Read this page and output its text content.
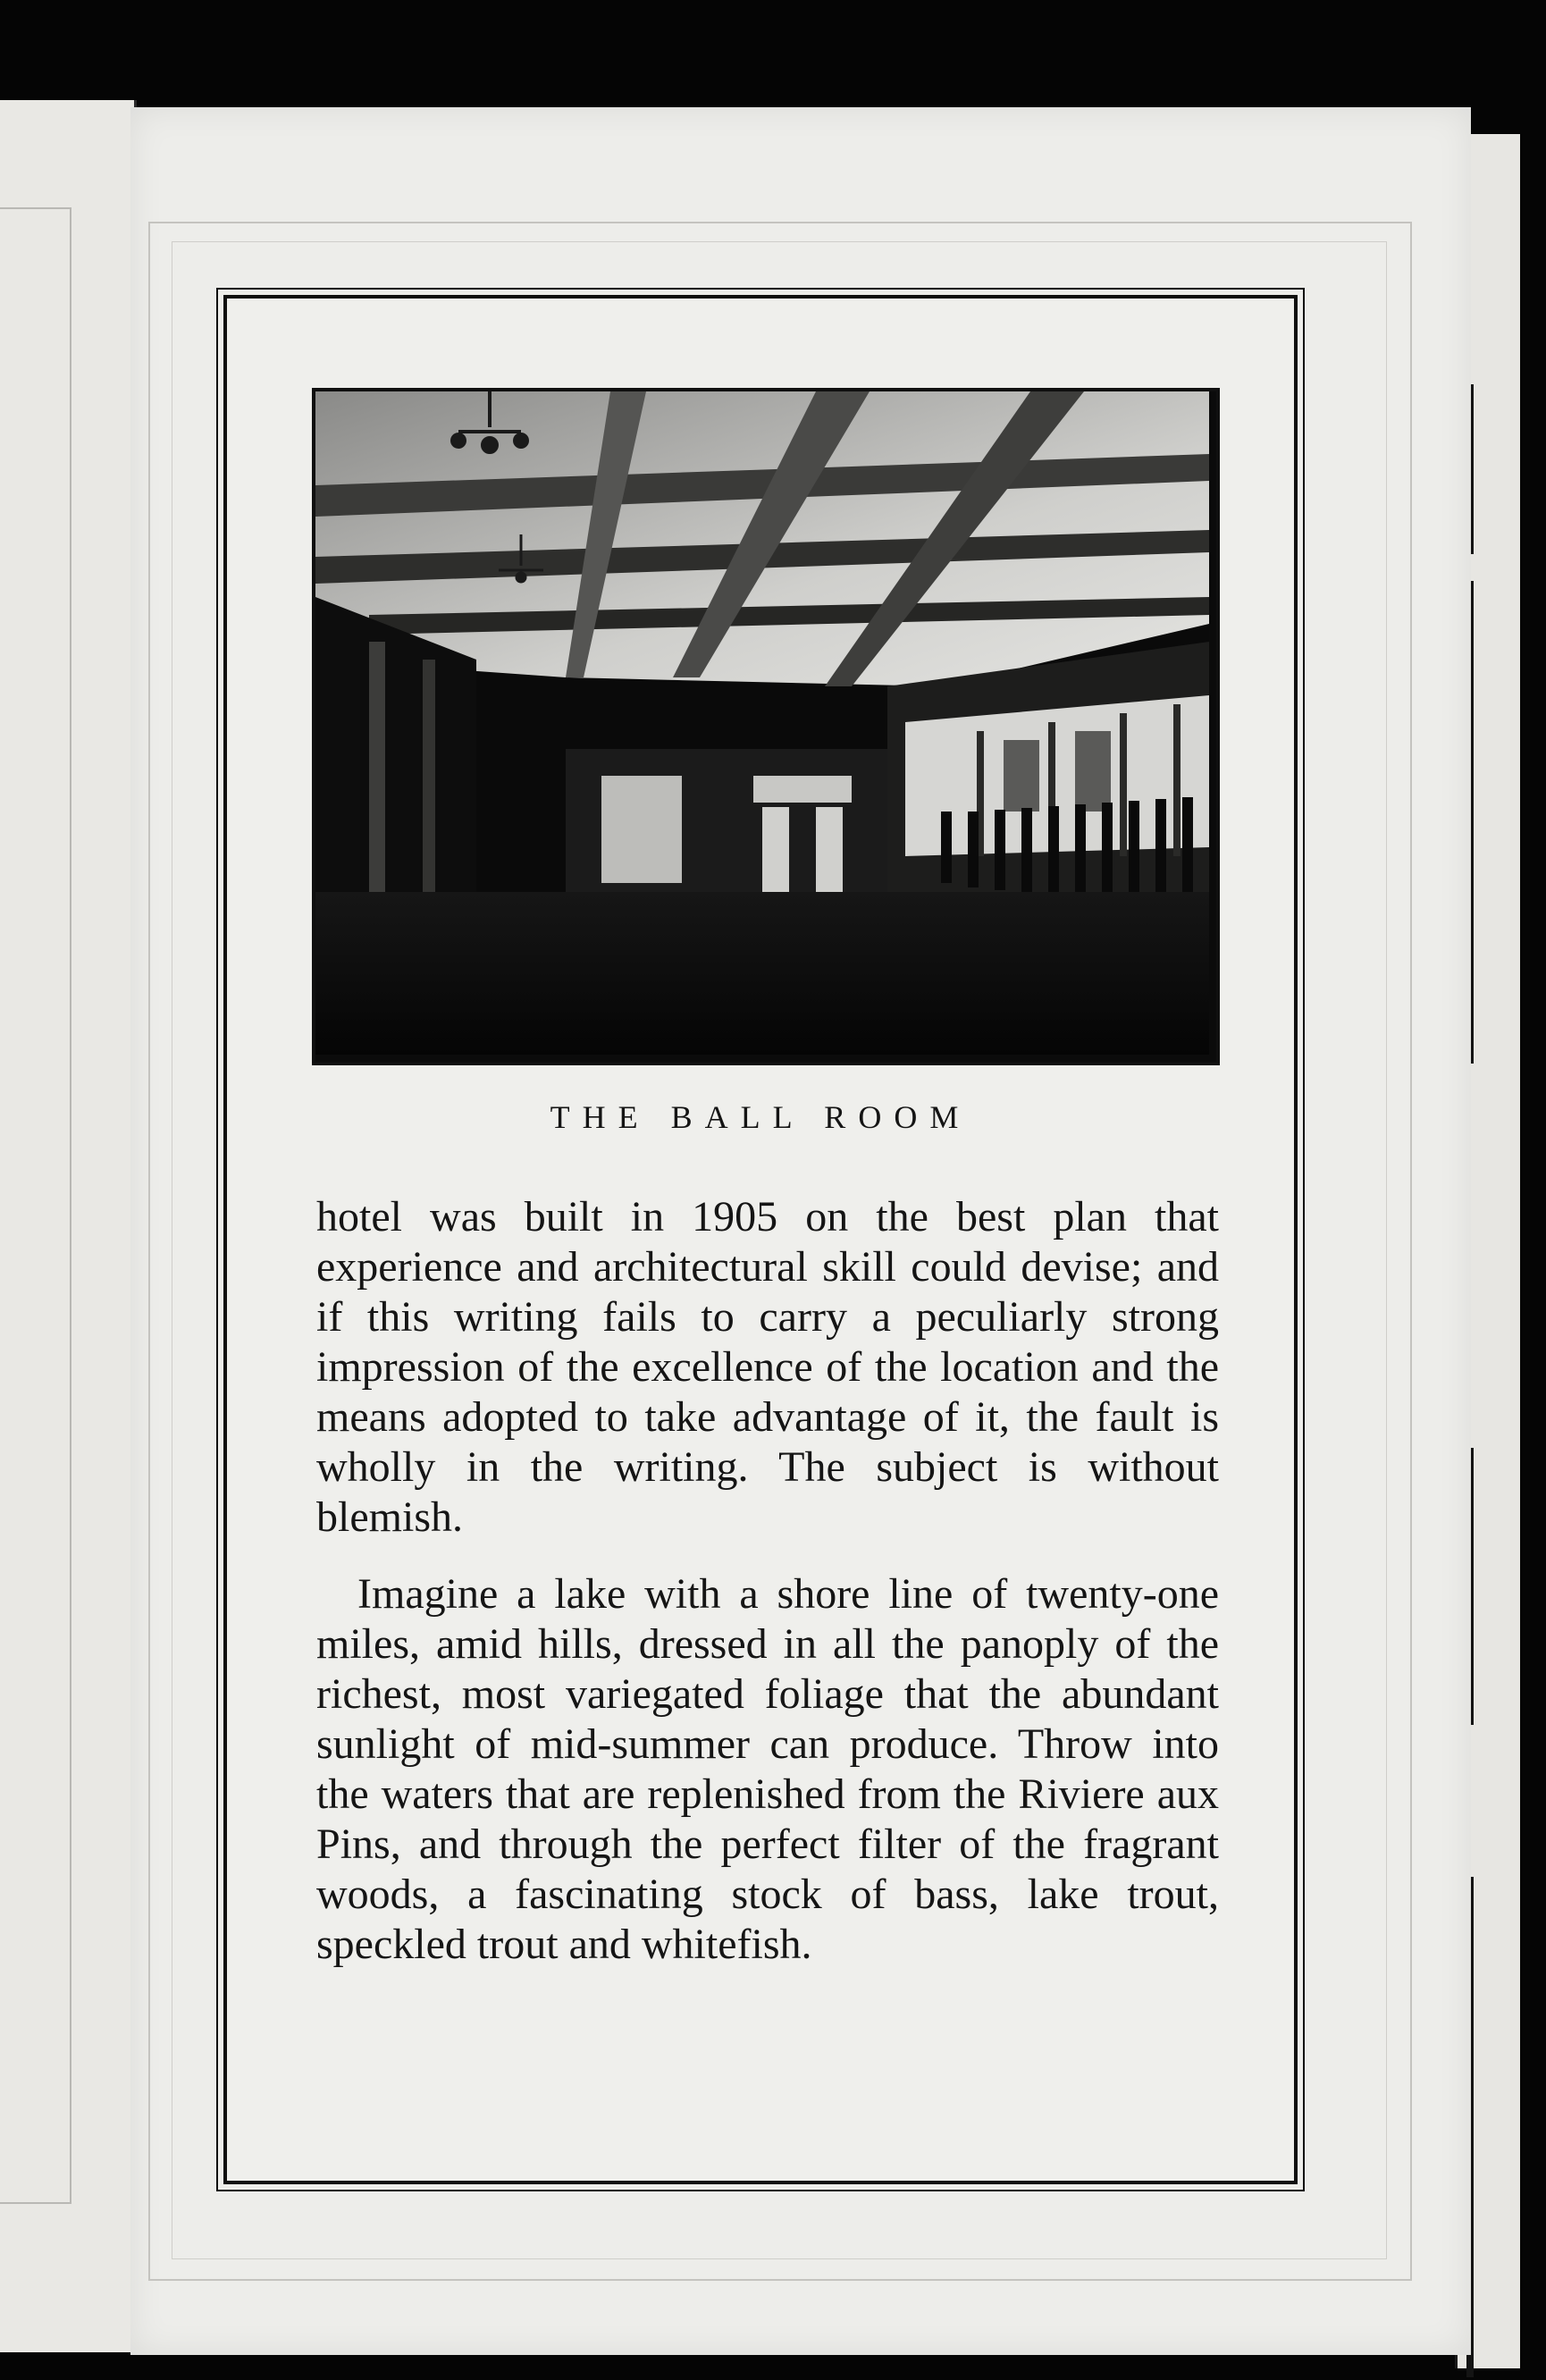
THE BALL ROOM

hotel was built in 1905 on the best plan that experience and architectural skill could devise; and if this writing fails to carry a peculiarly strong impression of the excellence of the location and the means adopted to take advantage of it, the fault is wholly in the writing. The subject is without blemish.

Imagine a lake with a shore line of twenty-one miles, amid hills, dressed in all the panoply of the richest, most variegated foliage that the abundant sunlight of mid-summer can produce. Throw into the waters that are replenished from the Riviere aux Pins, and through the perfect filter of the fragrant woods, a fascinating stock of bass, lake trout, speckled trout and whitefish.
